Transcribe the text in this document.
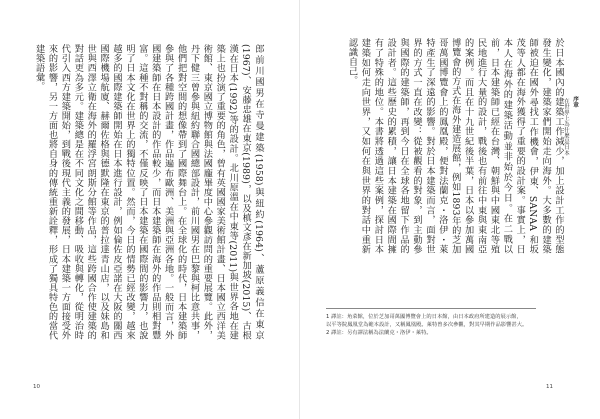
郎前川國男在寺曼建築(1958)與紐約(1964)、蘆原義信在東京(1967)、安藤忠雄在東京(1989)，以及槙文彥在新加坡(2015)、古根漢在日本(1992)等的設計。北川原溫在中東等(2011)與世界各地在建築上也扮演了重要的角色，曾有英國國家美術館計畫、日本國立西洋美術館、東京國立博物館與法國龐畢度中心參觀訪問的重要展覽。此外，丹下健三曾參與紐約聯合國總部設計，前川國男在巴黎與柯比意共事，他們把對空間的想像帶到了國際舞台上。在全球化的時代，日本建築師參與了各種跨國計畫，作品遍布歐洲、美洲與亞洲各地。一般而言，外國建築師在日本設計的作品較少，而日本建築師在海外的作品則相對豐富。這種不對稱的交流，不僅反映了日本建築在國際間的影響力，也說明了日本文化在世界上的獨特位置。然而，今日的情勢已經改變，越來越多的國際建築師開始在日本進行設計，例如倫佐皮亞諾在大阪的關西國際機場航廈、赫爾佐格與德默隆在東京的普拉達青山店，以及妹島和世與西澤立衛在海外的羅浮宮朗斯分館等作品，這些跨國合作使建築的對話更為多元。建築總是在不同文化之間移動、吸收與轉化，從明治時代引入西方建築開始，到戰後現代主義的發展，日本建築一方面接受外來的影響，另一方面也將自身的傳統重新詮釋，形成了獨具特色的當代建築語彙。
10
序章
在世界上為什麼是日本
於日本國內的建築工作減少，加上設計工作的型態發生變化，建築家們開始走向海外。大多數的建築師被迫在國外尋找工作機會，伊東、SANAA 和坂茂等人都在海外獲得了重要的設計案。事實上，日本人在海外的建築活動並非始於今日。在二戰以前，日本建築師已經在台灣、朝鮮與中國東北等殖民地進行大量的設計，戰後也有前往中東與東南亞的案例。而且在十九世紀後半葉，日本以參加萬國博覽會的方式在海外建造展館，例如1893年的芝加哥萬國博覽會上的鳳凰殿，便對法蘭克・洛伊・萊特產生了深遠的影響。對於日本建築而言，面對世界的方式一直在改變：從被觀看的對象，到主動參與國際的建築師，再到今日在全球各地留下作品的設計者。這些歷史的累積，讓日本建築在國際間擁有了特殊的地位。本書將透過這些案例，探討日本建築如何走向世界，又如何在與世界的對話中重新認識自己。
1 譯註：角菜館，位於芝加哥萬國博覽會上的日本館，由日本政府所建造的展示館，
以平等院鳳凰堂為範本設計，又稱鳳凰殿。萊特曾多次參觀，對其早期作品影響甚大。
2 譯註：另有譯法稱為法蘭克・洛伊・萊特。
11
